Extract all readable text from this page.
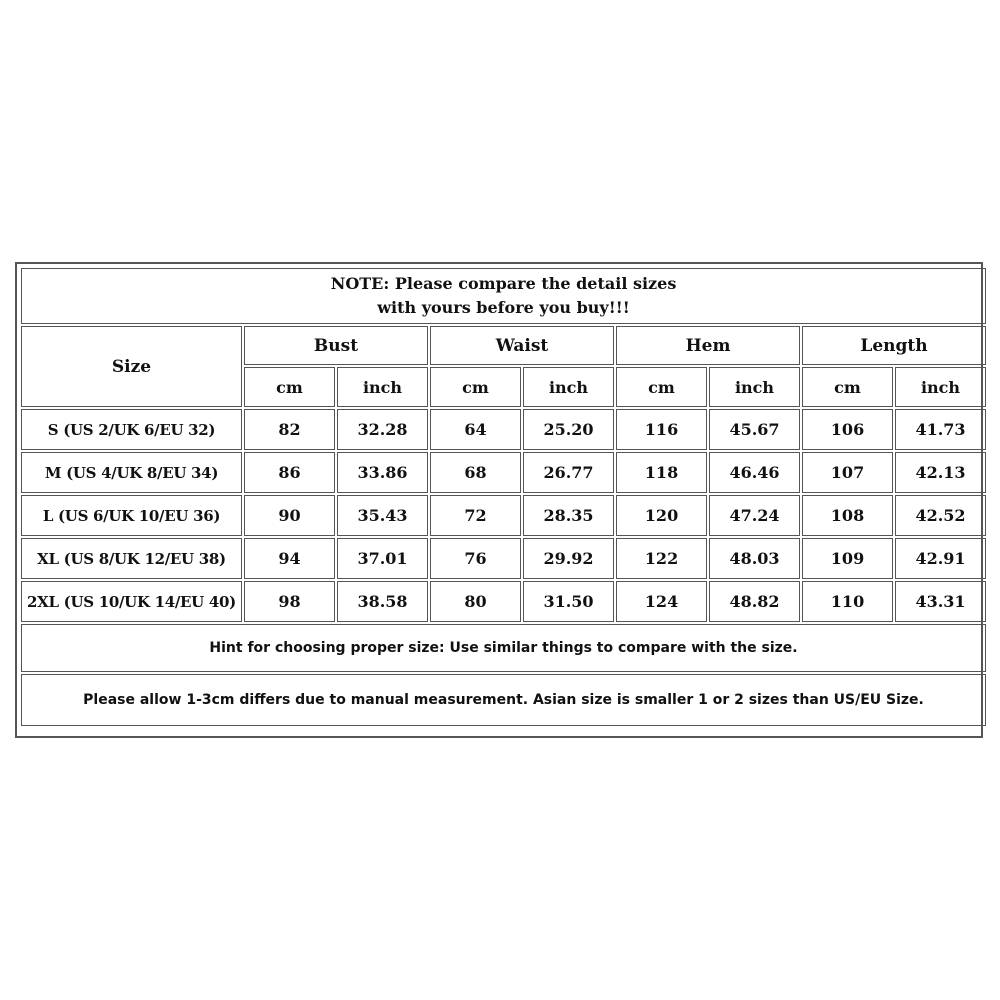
NOTE: Please compare the detail sizes
with yours before you buy!!!								

Size	Bust		Waist		Hem		Length	
	cm	inch	cm	inch	cm	inch	cm	inch
S (US 2/UK 6/EU 32)	82	32.28	64	25.20	116	45.67	106	41.73
M (US 4/UK 8/EU 34)	86	33.86	68	26.77	118	46.46	107	42.13
L (US 6/UK 10/EU 36)	90	35.43	72	28.35	120	47.24	108	42.52
XL (US 8/UK 12/EU 38)	94	37.01	76	29.92	122	48.03	109	42.91
2XL (US 10/UK 14/EU 40)	98	38.58	80	31.50	124	48.82	110	43.31
Hint for choosing proper size: Use similar things to compare with the size.								
Please allow 1-3cm differs due to manual measurement. Asian size is smaller 1 or 2 sizes than US/EU Size.								
